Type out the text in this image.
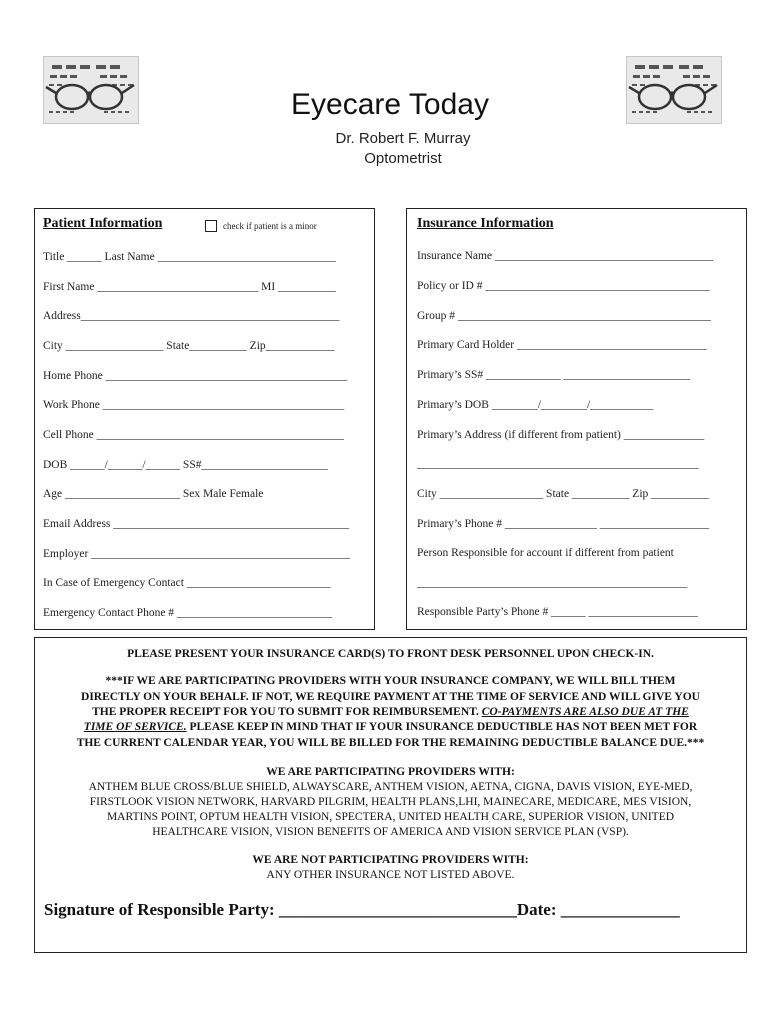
Eyecare Today
Dr. Robert F. Murray
Optometrist
Patient Information	check if patient is a minor
Title ______ Last Name _______________________________
First Name ____________________________ MI __________
Address_____________________________________________
City _________________ State__________ Zip____________
Home Phone __________________________________________
Work Phone __________________________________________
Cell Phone ___________________________________________
DOB ______/______/______ SS#______________________
Age ____________________ Sex Male Female
Email Address _________________________________________
Employer _____________________________________________
In Case of Emergency Contact _________________________
Emergency Contact Phone # ___________________________
Insurance Information
Insurance Name ______________________________________
Policy or ID # _______________________________________
Group # ____________________________________________
Primary Card Holder _________________________________
Primary’s SS# _____________ ______________________
Primary’s DOB ________/________/___________
Primary’s Address (if different from patient) ______________
_________________________________________________
City __________________ State __________ Zip __________
Primary’s Phone # ________________ ___________________
Person Responsible for account if different from patient
_______________________________________________
Responsible Party’s Phone # ______ ___________________
PLEASE PRESENT YOUR INSURANCE CARD(S) TO FRONT DESK PERSONNEL UPON CHECK-IN.
***IF WE ARE PARTICIPATING PROVIDERS WITH YOUR INSURANCE COMPANY, WE WILL BILL THEM
DIRECTLY ON YOUR BEHALF. IF NOT, WE REQUIRE PAYMENT AT THE TIME OF SERVICE AND WILL GIVE YOU
THE PROPER RECEIPT FOR YOU TO SUBMIT FOR REIMBURSEMENT. CO-PAYMENTS ARE ALSO DUE AT THE
TIME OF SERVICE. PLEASE KEEP IN MIND THAT IF YOUR INSURANCE DEDUCTIBLE HAS NOT BEEN MET FOR
THE CURRENT CALENDAR YEAR, YOU WILL BE BILLED FOR THE REMAINING DEDUCTIBLE BALANCE DUE.***
WE ARE PARTICIPATING PROVIDERS WITH:
ANTHEM BLUE CROSS/BLUE SHIELD, ALWAYSCARE, ANTHEM VISION, AETNA, CIGNA, DAVIS VISION, EYE-MED,
FIRSTLOOK VISION NETWORK, HARVARD PILGRIM, HEALTH PLANS,LHI, MAINECARE, MEDICARE, MES VISION,
MARTINS POINT, OPTUM HEALTH VISION, SPECTERA, UNITED HEALTH CARE, SUPERIOR VISION, UNITED
HEALTHCARE VISION, VISION BENEFITS OF AMERICA AND VISION SERVICE PLAN (VSP).
WE ARE NOT PARTICIPATING PROVIDERS WITH:
ANY OTHER INSURANCE NOT LISTED ABOVE.
Signature of Responsible Party: ____________________________Date: ______________
